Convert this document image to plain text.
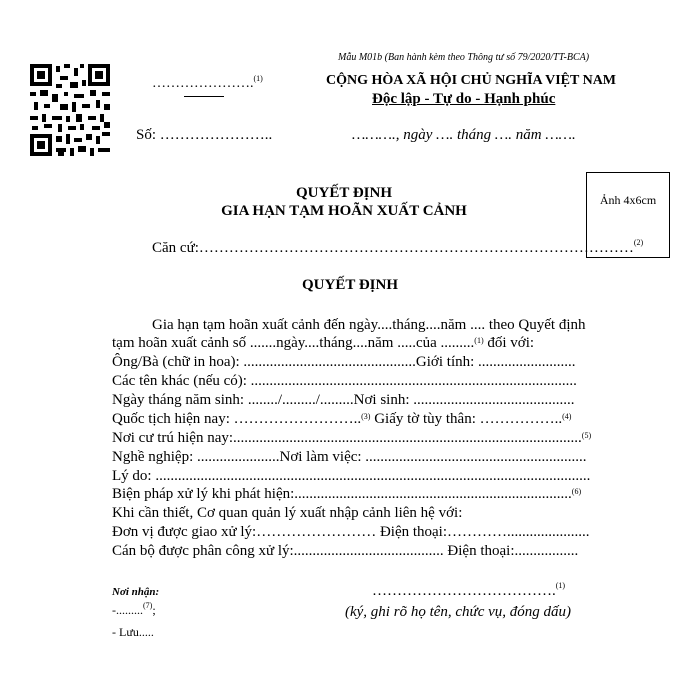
Mẫu M01b (Ban hành kèm theo Thông tư số 79/2020/TT-BCA)
………………….$^{(1)}$	CỘNG HÒA XÃ HỘI CHỦ NGHĨA VIỆT NAM
Độc lập - Tự do - Hạnh phúc
Số: …………………..	………., ngày …. tháng …. năm …….
Ảnh 4x6cm
QUYẾT ĐỊNH
GIA HẠN TẠM HOÃN XUẤT CẢNH
Căn cứ:……………………………………………………………………………$^{(2)}$
QUYẾT ĐỊNH
Gia hạn tạm hoãn xuất cảnh đến ngày....tháng....năm .... theo Quyết định
tạm hoãn xuất cảnh số .......ngày....tháng....năm .....của .........$^{(1)}$ đối với:
Ông/Bà (chữ in hoa): ..............................................Giới tính: ..........................
Các tên khác (nếu có): .......................................................................................
Ngày tháng năm sinh: ......../........./.........Nơi sinh: ...........................................
Quốc tịch hiện nay: ……………………..$^{(3)}$ Giấy tờ tùy thân: ……………..$^{(4)}$
Nơi cư trú hiện nay:.............................................................................................$^{(5)}$
Nghề nghiệp: ......................Nơi làm việc: ...........................................................
Lý do: ....................................................................................................................
Biện pháp xử lý khi phát hiện:..........................................................................$^{(6)}$
Khi cần thiết, Cơ quan quản lý xuất nhập cảnh liên hệ với:
Đơn vị được giao xử lý:…………………… Điện thoại:…………......................
Cán bộ được phân công xử lý:........................................ Điện thoại:.................
Nơi nhận:
-.........$^{(7)}$;
- Lưu.....
……………………………….$^{(1)}$
(ký, ghi rõ họ tên, chức vụ, đóng dấu)
